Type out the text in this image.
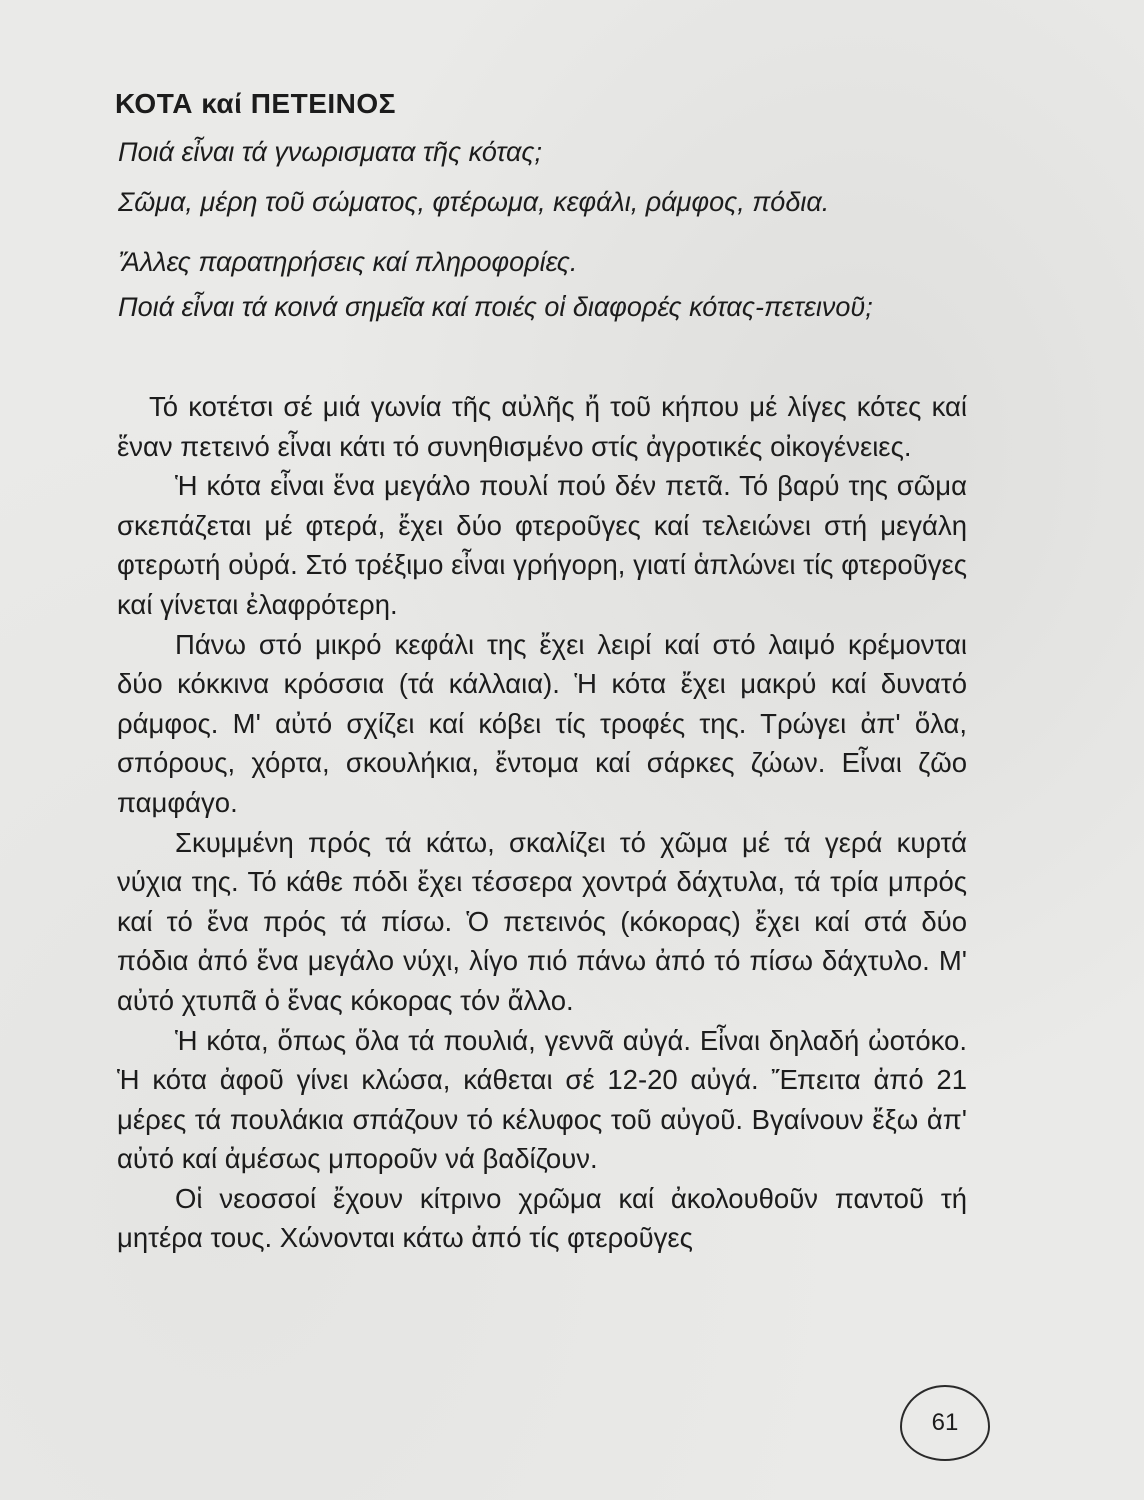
ΚΟΤΑ καί ΠΕΤΕΙΝΟΣ

Ποιά εἶναι τά γνωρισματα τῆς κότας;

Σῶμα, μέρη τοῦ σώματος, φτέρωμα, κεφάλι, ράμφος, πόδια.

Ἄλλες παρατηρήσεις καί πληροφορίες.

Ποιά εἶναι τά κοινά σημεῖα καί ποιές οἱ διαφορές κότας-πετεινοῦ;

Τό κοτέτσι σέ μιά γωνία τῆς αὐλῆς ἤ τοῦ κήπου μέ λίγες κότες καί ἕναν πετεινό εἶναι κάτι τό συνηθισμένο στίς ἀγροτικές οἰκογένειες.

Ἡ κότα εἶναι ἕνα μεγάλο πουλί πού δέν πετᾶ. Τό βαρύ της σῶμα σκεπάζεται μέ φτερά, ἔχει δύο φτεροῦγες καί τελειώνει στή μεγάλη φτερωτή οὐρά. Στό τρέξιμο εἶναι γρήγορη, γιατί ἁπλώνει τίς φτεροῦγες καί γίνεται ἐλαφρότερη.

Πάνω στό μικρό κεφάλι της ἔχει λειρί καί στό λαιμό κρέμονται δύο κόκκινα κρόσσια (τά κάλλαια). Ἡ κότα ἔχει μακρύ καί δυνατό ράμφος. Μ' αὐτό σχίζει καί κόβει τίς τροφές της. Τρώγει ἀπ' ὅλα, σπόρους, χόρτα, σκουλήκια, ἔντομα καί σάρκες ζώων. Εἶναι ζῶο παμφάγο.

Σκυμμένη πρός τά κάτω, σκαλίζει τό χῶμα μέ τά γερά κυρτά νύχια της. Τό κάθε πόδι ἔχει τέσσερα χοντρά δάχτυλα, τά τρία μπρός καί τό ἕνα πρός τά πίσω. Ὁ πετεινός (κόκορας) ἔχει καί στά δύο πόδια ἀπό ἕνα μεγάλο νύχι, λίγο πιό πάνω ἀπό τό πίσω δάχτυλο. Μ' αὐτό χτυπᾶ ὁ ἕνας κόκορας τόν ἄλλο.

Ἡ κότα, ὅπως ὅλα τά πουλιά, γεννᾶ αὐγά. Εἶναι δηλαδή ὠοτόκο. Ἡ κότα ἀφοῦ γίνει κλώσα, κάθεται σέ 12-20 αὐγά. Ἔπειτα ἀπό 21 μέρες τά πουλάκια σπάζουν τό κέλυφος τοῦ αὐγοῦ. Βγαίνουν ἔξω ἀπ' αὐτό καί ἀμέσως μποροῦν νά βαδίζουν.

Οἱ νεοσσοί ἔχουν κίτρινο χρῶμα καί ἀκολουθοῦν παντοῦ τή μητέρα τους. Χώνονται κάτω ἀπό τίς φτεροῦγες

61
